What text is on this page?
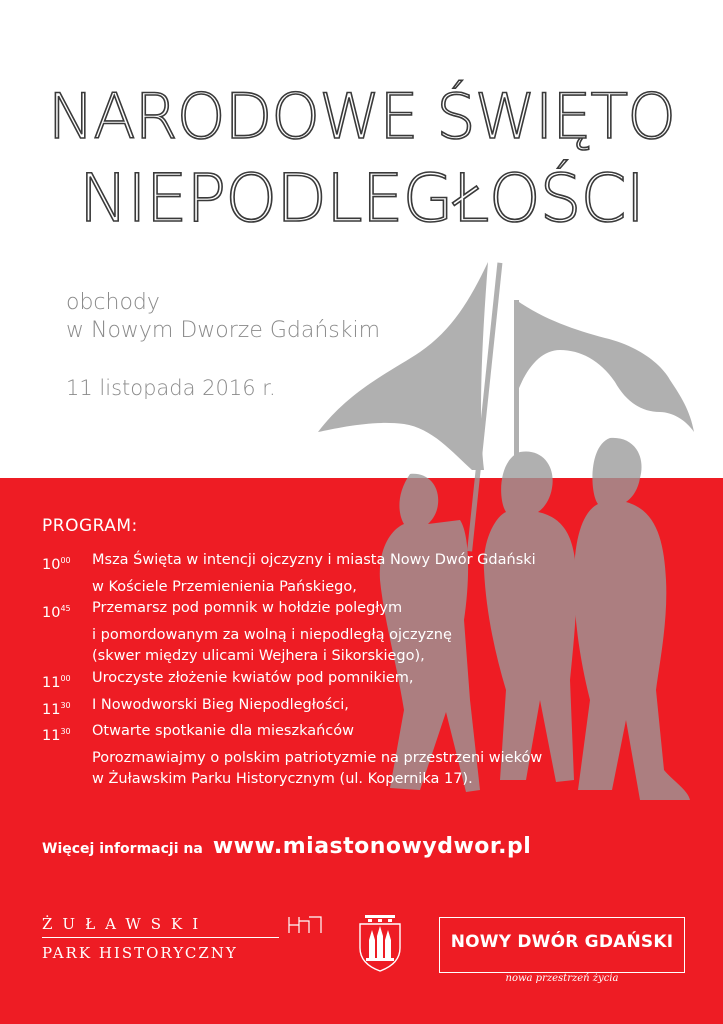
NARODOWE ŚWIĘTO
NIEPODLEGŁOŚCI
obchody
w Nowym Dworze Gdańskim
11 listopada 2016 r.
PROGRAM:
$10^{00}$	Msza Święta w intencji ojczyzny i miasta Nowy Dwór Gdański
w Kościele Przemienienia Pańskiego,
$10^{45}$	Przemarsz pod pomnik w hołdzie poległym
i pomordowanym za wolną i niepodległą ojczyznę
(skwer między ulicami Wejhera i Sikorskiego),
$11^{00}$	Uroczyste złożenie kwiatów pod pomnikiem,
$11^{30}$	I Nowodworski Bieg Niepodległości,
$11^{30}$	Otwarte spotkanie dla mieszkańców
Porozmawiajmy o polskim patriotyzmie na przestrzeni wieków
w Żuławskim Parku Historycznym (ul. Kopernika 17).
Więcej informacji na www.miastonowydwor.pl
ŻUŁAWSKI
PARK HISTORYCZNY
NOWY DWÓR GDAŃSKI
nowa przestrzeń życia
